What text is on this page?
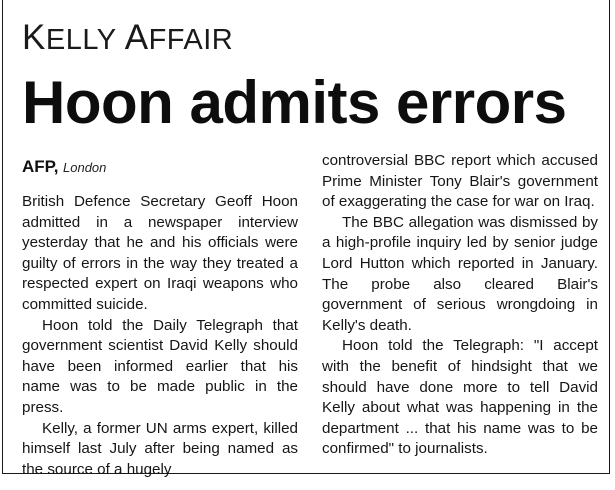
KELLY AFFAIR
Hoon admits errors
AFP, London

British Defence Secretary Geoff Hoon admitted in a newspaper interview yesterday that he and his officials were guilty of errors in the way they treated a respected expert on Iraqi weapons who committed suicide.

Hoon told the Daily Telegraph that government scientist David Kelly should have been informed earlier that his name was to be made public in the press.

Kelly, a former UN arms expert, killed himself last July after being named as the source of a hugely

controversial BBC report which accused Prime Minister Tony Blair's government of exaggerating the case for war on Iraq.

The BBC allegation was dismissed by a high-profile inquiry led by senior judge Lord Hutton which reported in January. The probe also cleared Blair's government of serious wrongdoing in Kelly's death.

Hoon told the Telegraph: "I accept with the benefit of hindsight that we should have done more to tell David Kelly about what was happening in the department ... that his name was to be confirmed" to journalists.
